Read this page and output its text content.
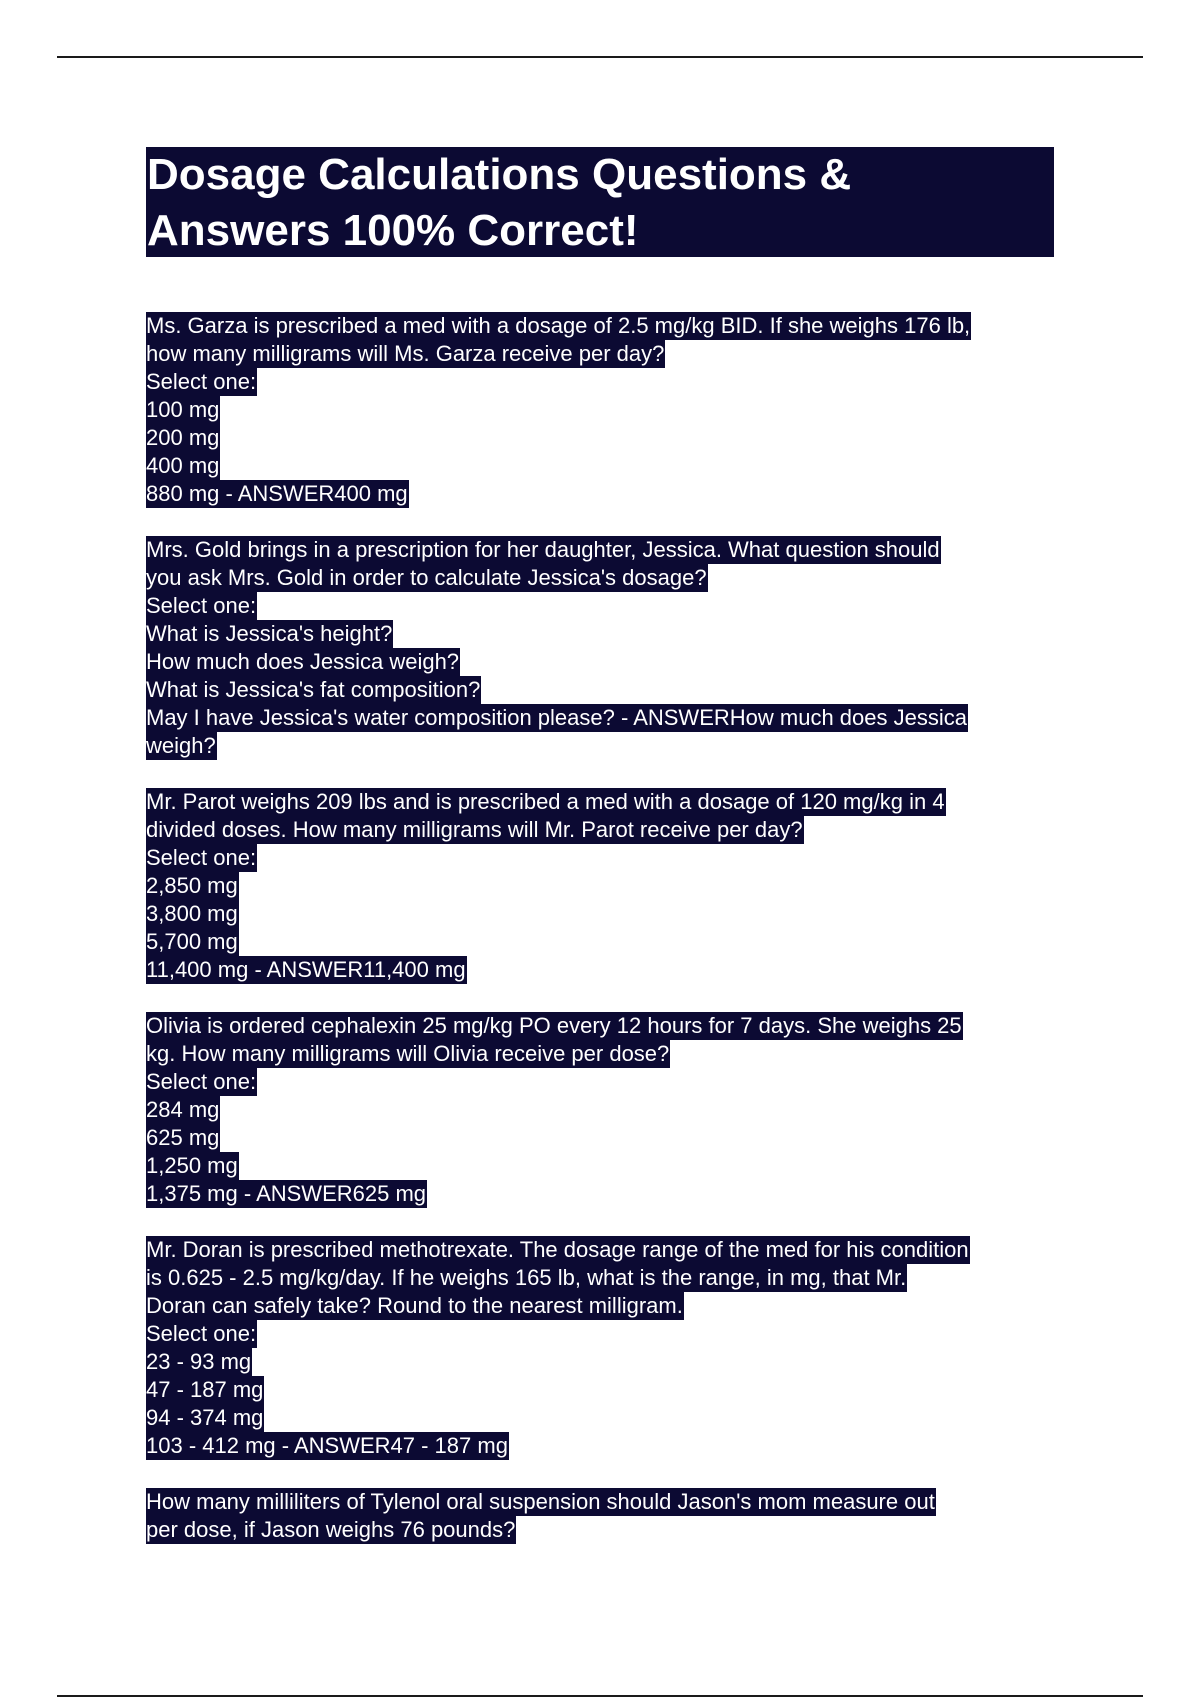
Dosage Calculations Questions &
Answers 100% Correct!
Ms. Garza is prescribed a med with a dosage of 2.5 mg/kg BID. If she weighs 176 lb,
how many milligrams will Ms. Garza receive per day?
Select one:
100 mg
200 mg
400 mg
880 mg - ANSWER400 mg
Mrs. Gold brings in a prescription for her daughter, Jessica. What question should
you ask Mrs. Gold in order to calculate Jessica's dosage?
Select one:
What is Jessica's height?
How much does Jessica weigh?
What is Jessica's fat composition?
May I have Jessica's water composition please? - ANSWERHow much does Jessica
weigh?
Mr. Parot weighs 209 lbs and is prescribed a med with a dosage of 120 mg/kg in 4
divided doses. How many milligrams will Mr. Parot receive per day?
Select one:
2,850 mg
3,800 mg
5,700 mg
11,400 mg - ANSWER11,400 mg
Olivia is ordered cephalexin 25 mg/kg PO every 12 hours for 7 days. She weighs 25
kg. How many milligrams will Olivia receive per dose?
Select one:
284 mg
625 mg
1,250 mg
1,375 mg - ANSWER625 mg
Mr. Doran is prescribed methotrexate. The dosage range of the med for his condition
is 0.625 - 2.5 mg/kg/day. If he weighs 165 lb, what is the range, in mg, that Mr.
Doran can safely take? Round to the nearest milligram.
Select one:
23 - 93 mg
47 - 187 mg
94 - 374 mg
103 - 412 mg - ANSWER47 - 187 mg
How many milliliters of Tylenol oral suspension should Jason's mom measure out
per dose, if Jason weighs 76 pounds?
